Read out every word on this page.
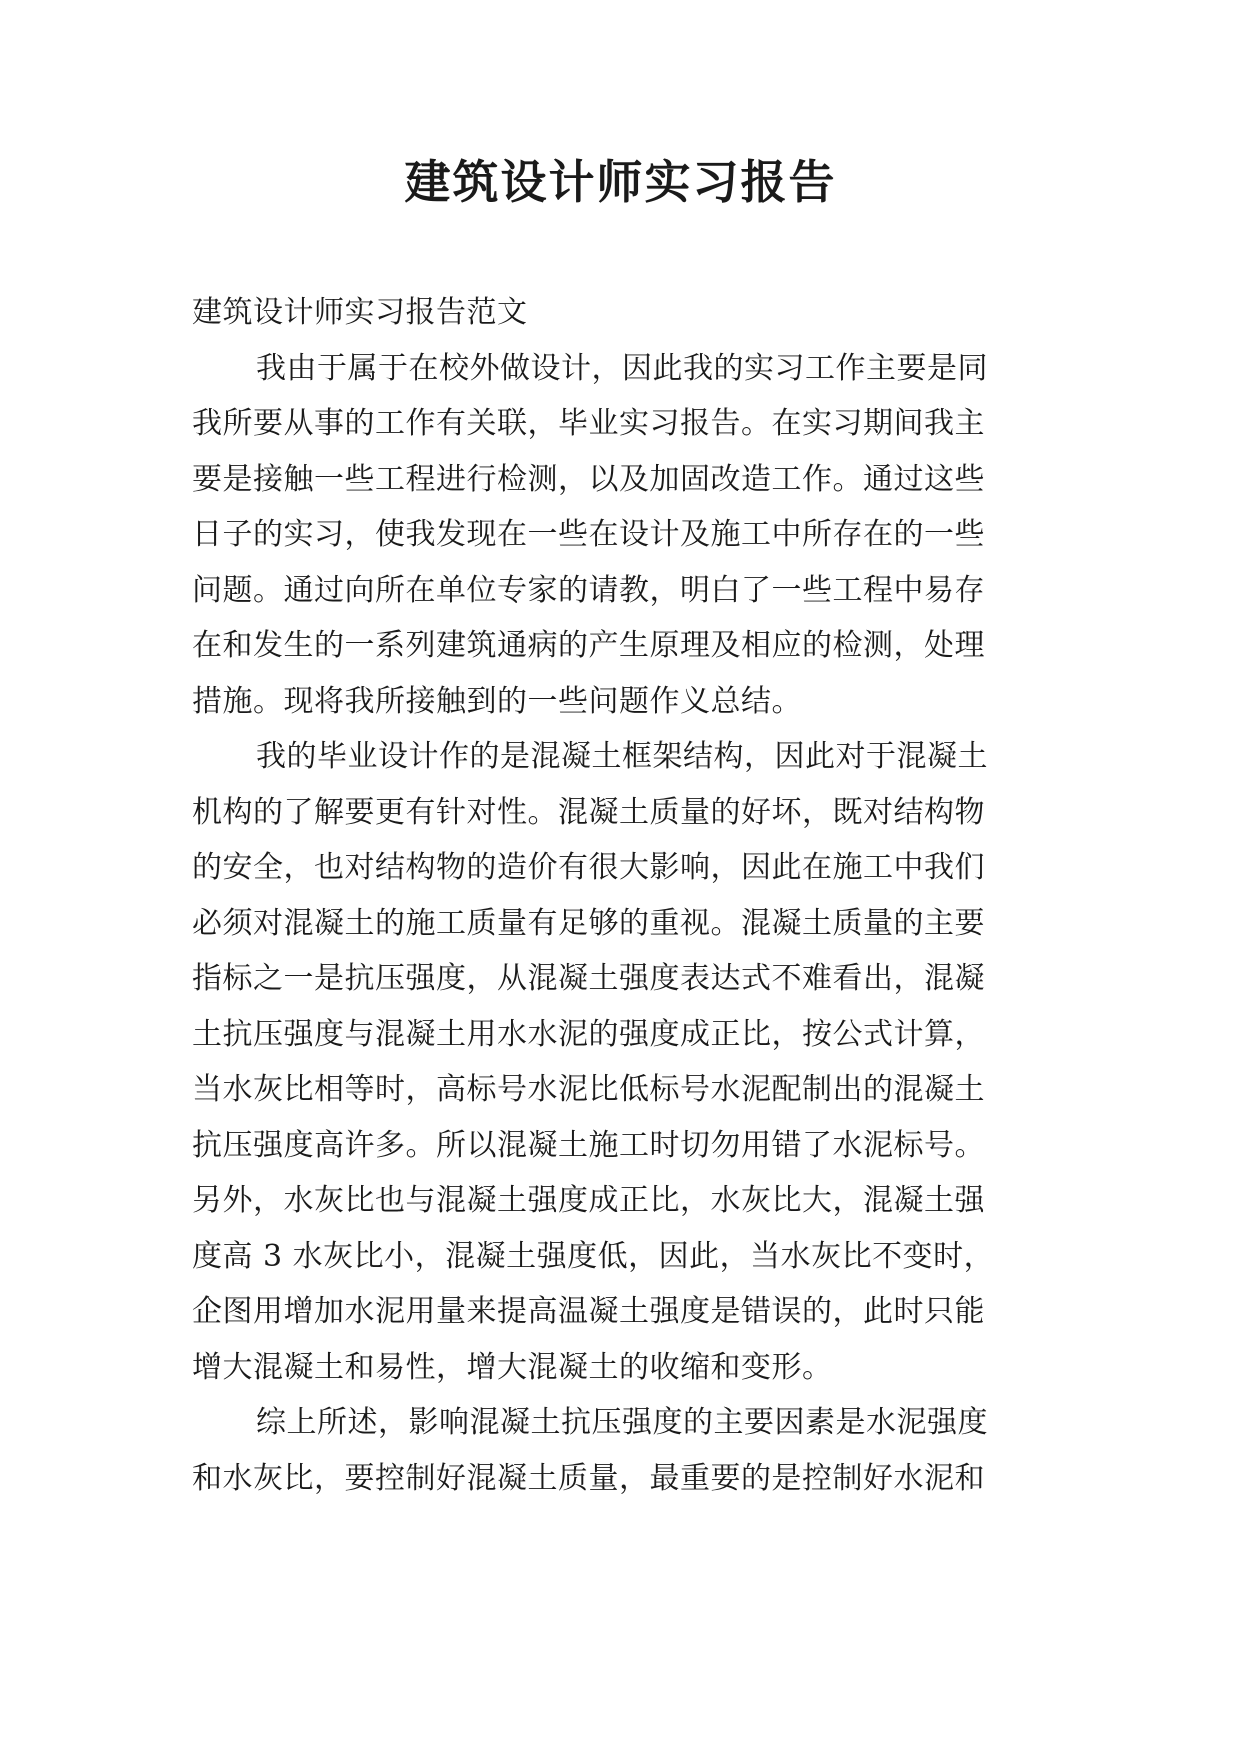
建筑设计师实习报告
建筑设计师实习报告范文
我由于属于在校外做设计，因此我的实习工作主要是同
我所要从事的工作有关联，毕业实习报告。在实习期间我主
要是接触一些工程进行检测，以及加固改造工作。通过这些
日子的实习，使我发现在一些在设计及施工中所存在的一些
问题。通过向所在单位专家的请教，明白了一些工程中易存
在和发生的一系列建筑通病的产生原理及相应的检测，处理
措施。现将我所接触到的一些问题作义总结。
我的毕业设计作的是混凝土框架结构，因此对于混凝土
机构的了解要更有针对性。混凝土质量的好坏，既对结构物
的安全，也对结构物的造价有很大影响，因此在施工中我们
必须对混凝土的施工质量有足够的重视。混凝土质量的主要
指标之一是抗压强度，从混凝土强度表达式不难看出，混凝
土抗压强度与混凝土用水水泥的强度成正比，按公式计算，
当水灰比相等时，高标号水泥比低标号水泥配制出的混凝土
抗压强度高许多。所以混凝土施工时切勿用错了水泥标号。
另外，水灰比也与混凝土强度成正比，水灰比大，混凝土强
度高 3 水灰比小，混凝土强度低，因此，当水灰比不变时，
企图用增加水泥用量来提高温凝土强度是错误的，此时只能
增大混凝土和易性，增大混凝土的收缩和变形。
综上所述，影响混凝土抗压强度的主要因素是水泥强度
和水灰比，要控制好混凝土质量，最重要的是控制好水泥和
